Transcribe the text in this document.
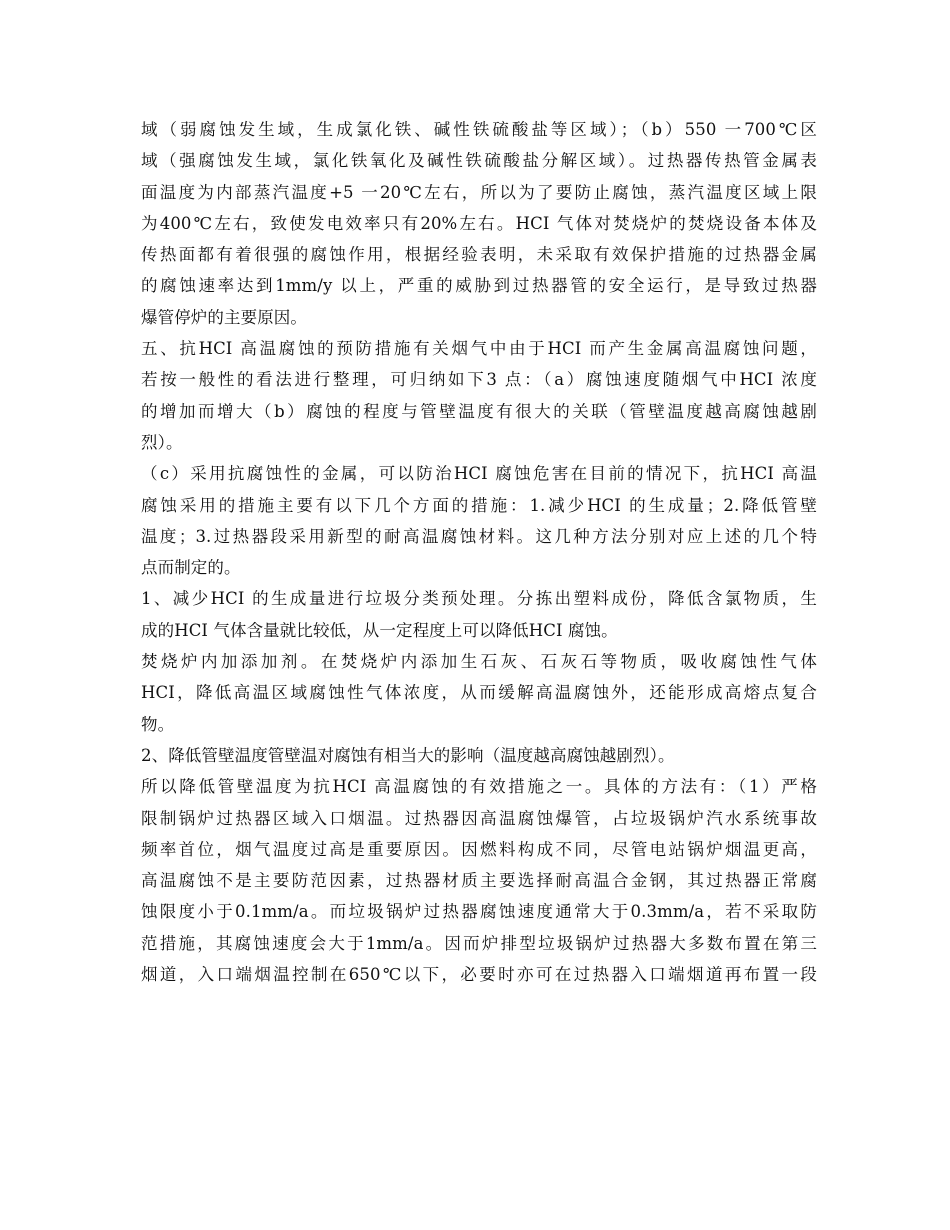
域（弱腐蚀发生域，生成氯化铁、碱性铁硫酸盐等区域）；（b）550 一700℃区
域（强腐蚀发生域，氯化铁氧化及碱性铁硫酸盐分解区域）。过热器传热管金属表
面温度为内部蒸汽温度+5 一20℃左右，所以为了要防止腐蚀，蒸汽温度区域上限
为400℃左右，致使发电效率只有20%左右。HCI 气体对焚烧炉的焚烧设备本体及
传热面都有着很强的腐蚀作用，根据经验表明，未采取有效保护措施的过热器金属
的腐蚀速率达到1mm/y 以上，严重的威胁到过热器管的安全运行，是导致过热器
爆管停炉的主要原因。
五、抗HCI 高温腐蚀的预防措施有关烟气中由于HCI 而产生金属高温腐蚀问题，
若按一般性的看法进行整理，可归纳如下3 点：（a）腐蚀速度随烟气中HCI 浓度
的增加而增大（b）腐蚀的程度与管壁温度有很大的关联（管壁温度越高腐蚀越剧
烈）。
（c）采用抗腐蚀性的金属，可以防治HCI 腐蚀危害在目前的情况下，抗HCI 高温
腐蚀采用的措施主要有以下几个方面的措施：1.减少HCI 的生成量；2.降低管壁
温度；3.过热器段采用新型的耐高温腐蚀材料。这几种方法分别对应上述的几个特
点而制定的。
1、减少HCI 的生成量进行垃圾分类预处理。分拣出塑料成份，降低含氯物质，生
成的HCI 气体含量就比较低，从一定程度上可以降低HCI 腐蚀。
焚烧炉内加添加剂。在焚烧炉内添加生石灰、石灰石等物质，吸收腐蚀性气体
HCI，降低高温区域腐蚀性气体浓度，从而缓解高温腐蚀外，还能形成高熔点复合
物。
2、降低管壁温度管壁温对腐蚀有相当大的影响（温度越高腐蚀越剧烈）。
所以降低管壁温度为抗HCI 高温腐蚀的有效措施之一。具体的方法有：（1）严格
限制锅炉过热器区域入口烟温。过热器因高温腐蚀爆管，占垃圾锅炉汽水系统事故
频率首位，烟气温度过高是重要原因。因燃料构成不同，尽管电站锅炉烟温更高，
高温腐蚀不是主要防范因素，过热器材质主要选择耐高温合金钢，其过热器正常腐
蚀限度小于0.1mm/a。而垃圾锅炉过热器腐蚀速度通常大于0.3mm/a，若不采取防
范措施，其腐蚀速度会大于1mm/a。因而炉排型垃圾锅炉过热器大多数布置在第三
烟道，入口端烟温控制在650℃以下，必要时亦可在过热器入口端烟道再布置一段
